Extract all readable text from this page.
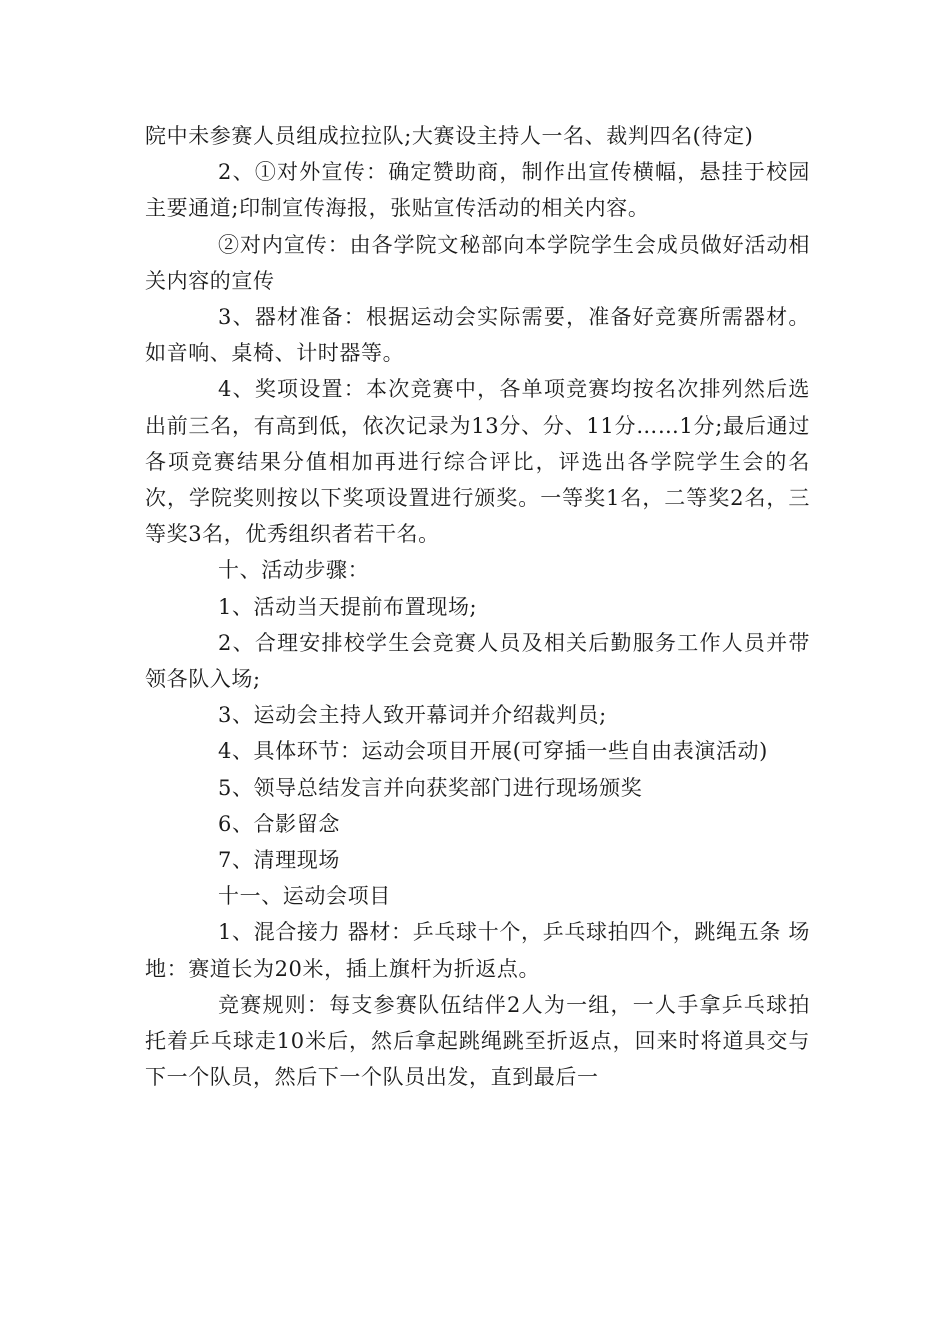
院中未参赛人员组成拉拉队;大赛设主持人一名、裁判四名(待定)

2、①对外宣传：确定赞助商，制作出宣传横幅，悬挂于校园主要通道;印制宣传海报，张贴宣传活动的相关内容。

②对内宣传：由各学院文秘部向本学院学生会成员做好活动相关内容的宣传

3、器材准备：根据运动会实际需要，准备好竞赛所需器材。如音响、桌椅、计时器等。

4、奖项设置：本次竞赛中，各单项竞赛均按名次排列然后选出前三名，有高到低，依次记录为13分、分、11分……1分;最后通过各项竞赛结果分值相加再进行综合评比，评选出各学院学生会的名次，学院奖则按以下奖项设置进行颁奖。一等奖1名，二等奖2名，三等奖3名，优秀组织者若干名。

十、活动步骤：

1、活动当天提前布置现场;

2、合理安排校学生会竞赛人员及相关后勤服务工作人员并带领各队入场;

3、运动会主持人致开幕词并介绍裁判员;

4、具体环节：运动会项目开展(可穿插一些自由表演活动)

5、领导总结发言并向获奖部门进行现场颁奖

6、合影留念

7、清理现场

十一、运动会项目

1、混合接力 器材：乒乓球十个，乒乓球拍四个，跳绳五条 场地：赛道长为20米，插上旗杆为折返点。

竞赛规则：每支参赛队伍结伴2人为一组，一人手拿乒乓球拍托着乒乓球走10米后，然后拿起跳绳跳至折返点，回来时将道具交与下一个队员，然后下一个队员出发，直到最后一
